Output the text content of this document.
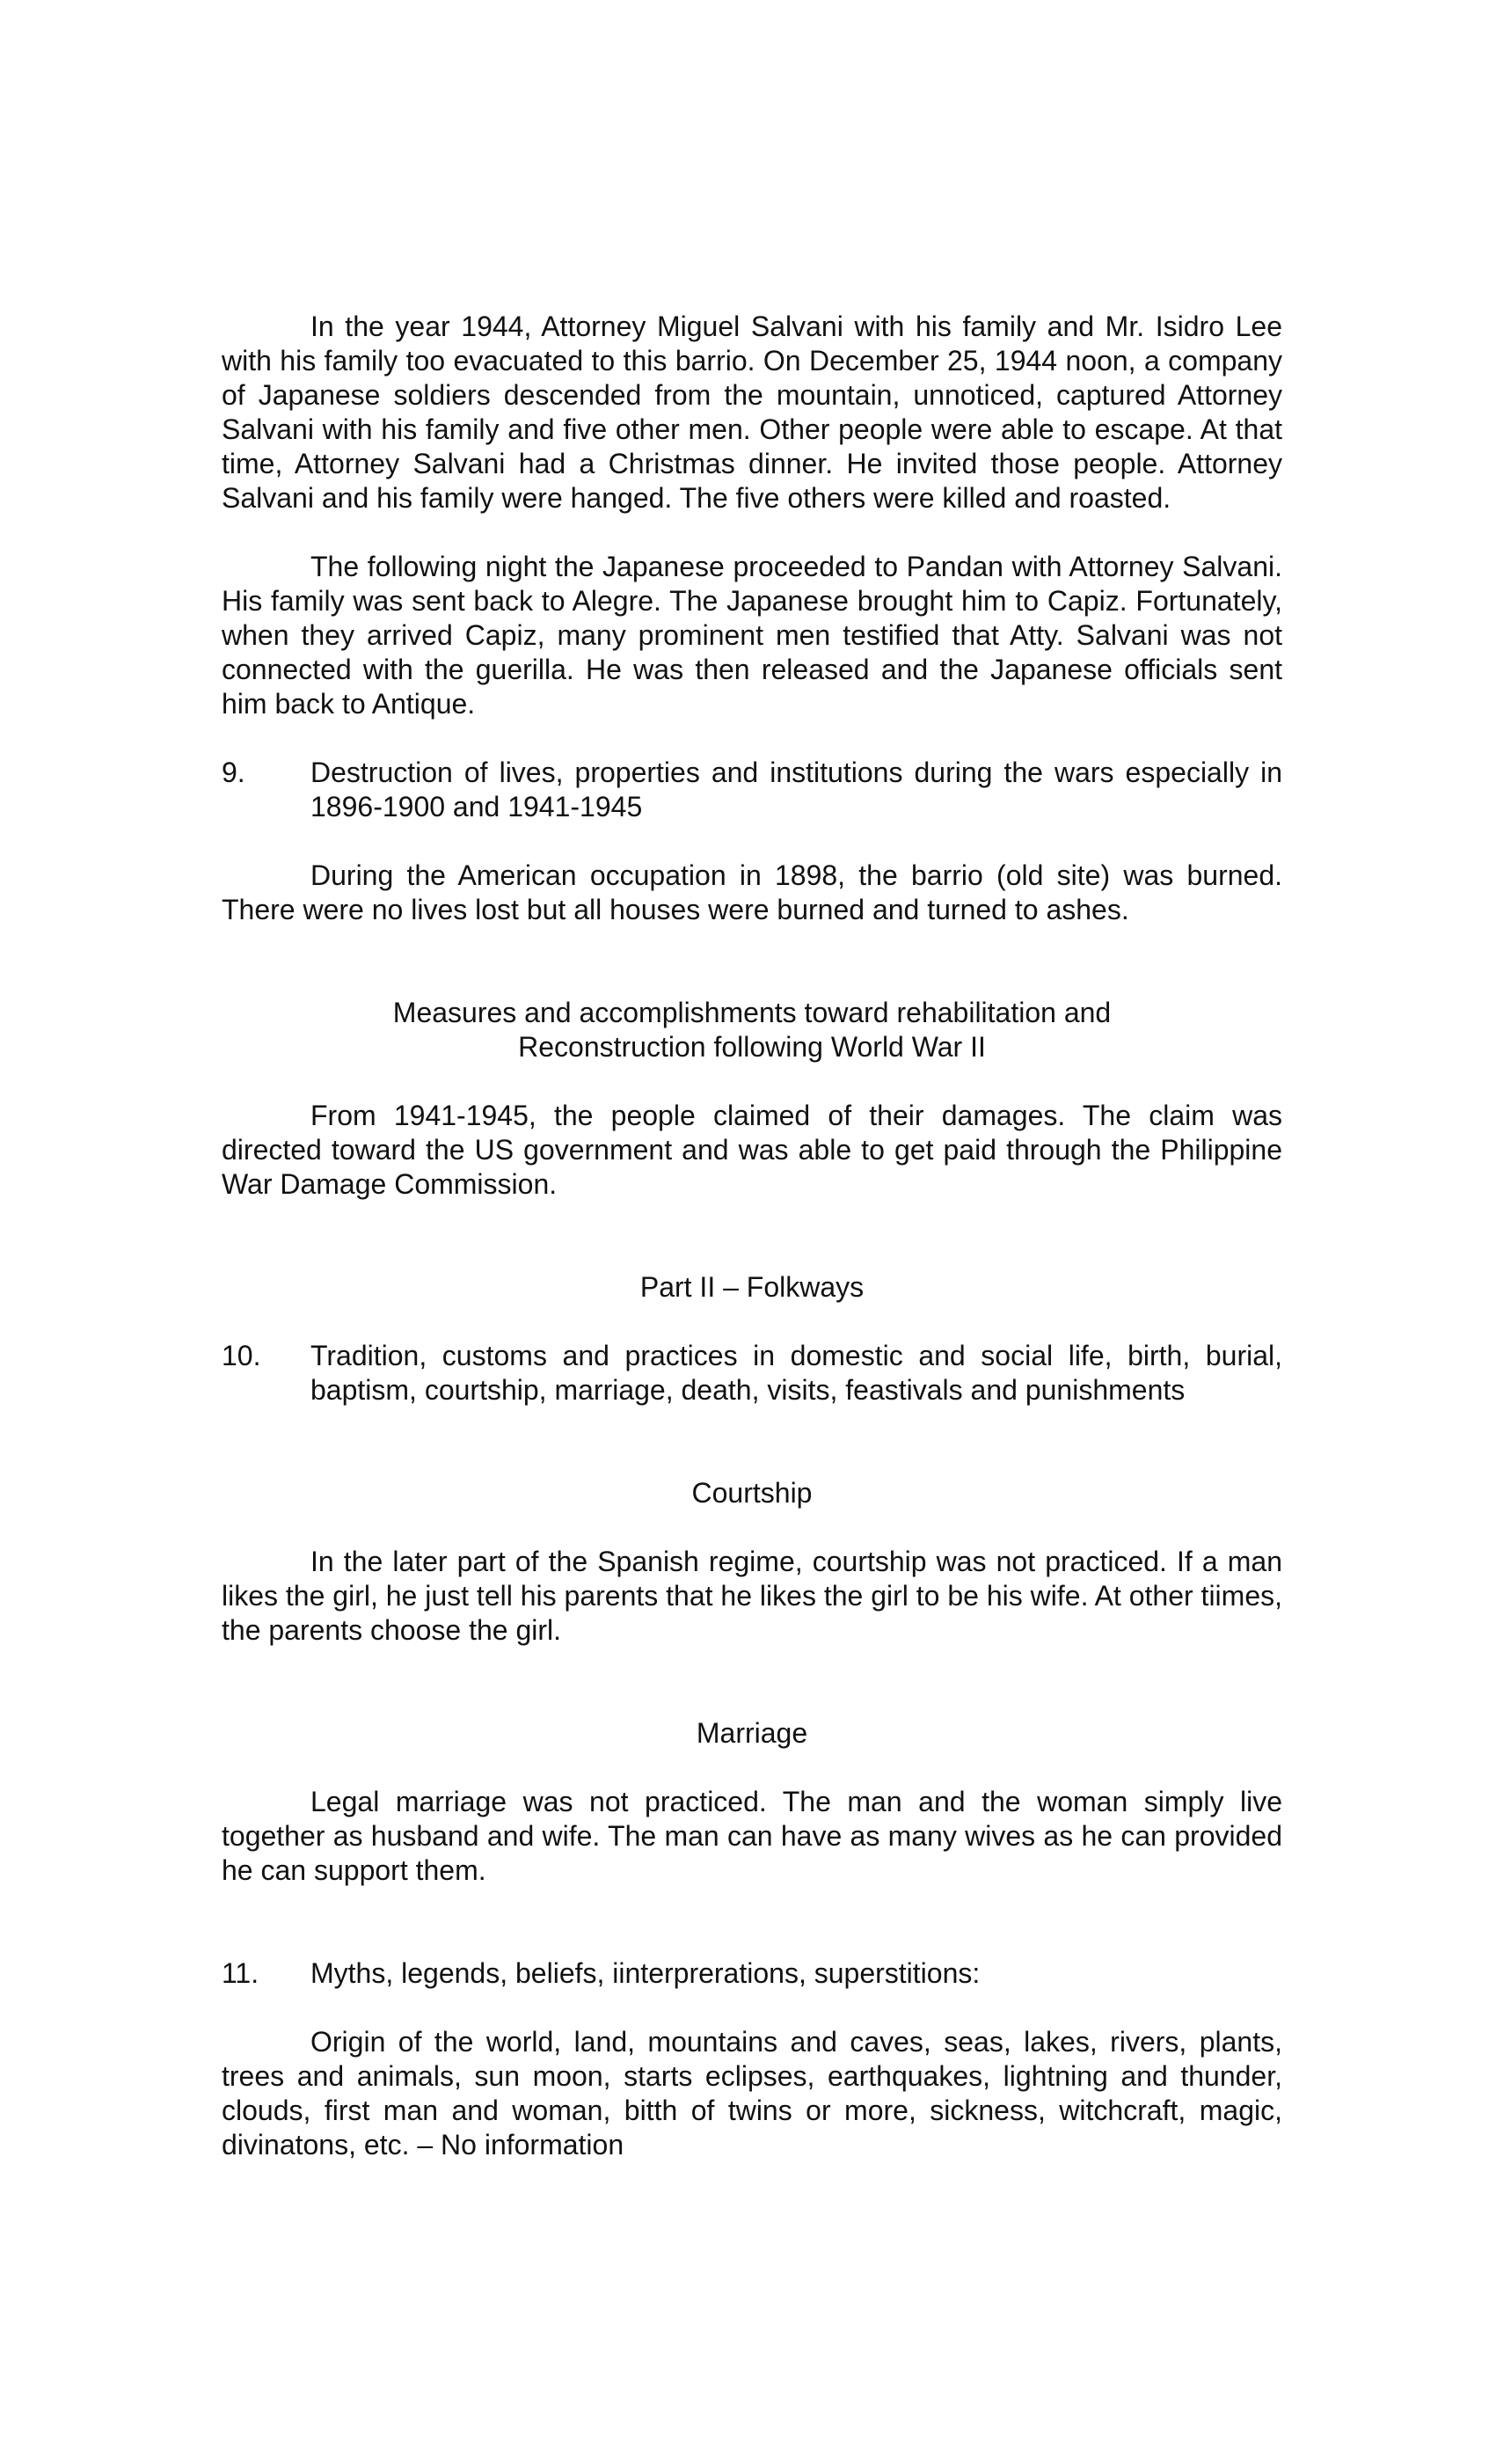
In the year 1944, Attorney Miguel Salvani with his family and Mr. Isidro Lee with his family too evacuated to this barrio. On December 25, 1944 noon, a company of Japanese soldiers descended from the mountain, unnoticed, captured Attorney Salvani with his family and five other men. Other people were able to escape. At that time, Attorney Salvani had a Christmas dinner. He invited those people. Attorney Salvani and his family were hanged. The five others were killed and roasted.

The following night the Japanese proceeded to Pandan with Attorney Salvani. His family was sent back to Alegre. The Japanese brought him to Capiz. Fortunately, when they arrived Capiz, many prominent men testified that Atty. Salvani was not connected with the guerilla. He was then released and the Japanese officials sent him back to Antique.

9.	Destruction of lives, properties and institutions during the wars especially in 1896-1900 and 1941-1945

During the American occupation in 1898, the barrio (old site) was burned. There were no lives lost but all houses were burned and turned to ashes.

Measures and accomplishments toward rehabilitation and

Reconstruction following World War II

From 1941-1945, the people claimed of their damages. The claim was directed toward the US government and was able to get paid through the Philippine War Damage Commission.

Part II – Folkways

10.	Tradition, customs and practices in domestic and social life, birth, burial, baptism, courtship, marriage, death, visits, feastivals and punishments

Courtship

In the later part of the Spanish regime, courtship was not practiced. If a man likes the girl, he just tell his parents that he likes the girl to be his wife. At other tiimes, the parents choose the girl.

Marriage

Legal marriage was not practiced. The man and the woman simply live together as husband and wife. The man can have as many wives as he can provided he can support them.

11.	Myths, legends, beliefs, iinterprerations, superstitions:

Origin of the world, land, mountains and caves, seas, lakes, rivers, plants, trees and animals, sun moon, starts eclipses, earthquakes, lightning and thunder, clouds, first man and woman, bitth of twins or more, sickness, witchcraft, magic, divinatons, etc. – No information
